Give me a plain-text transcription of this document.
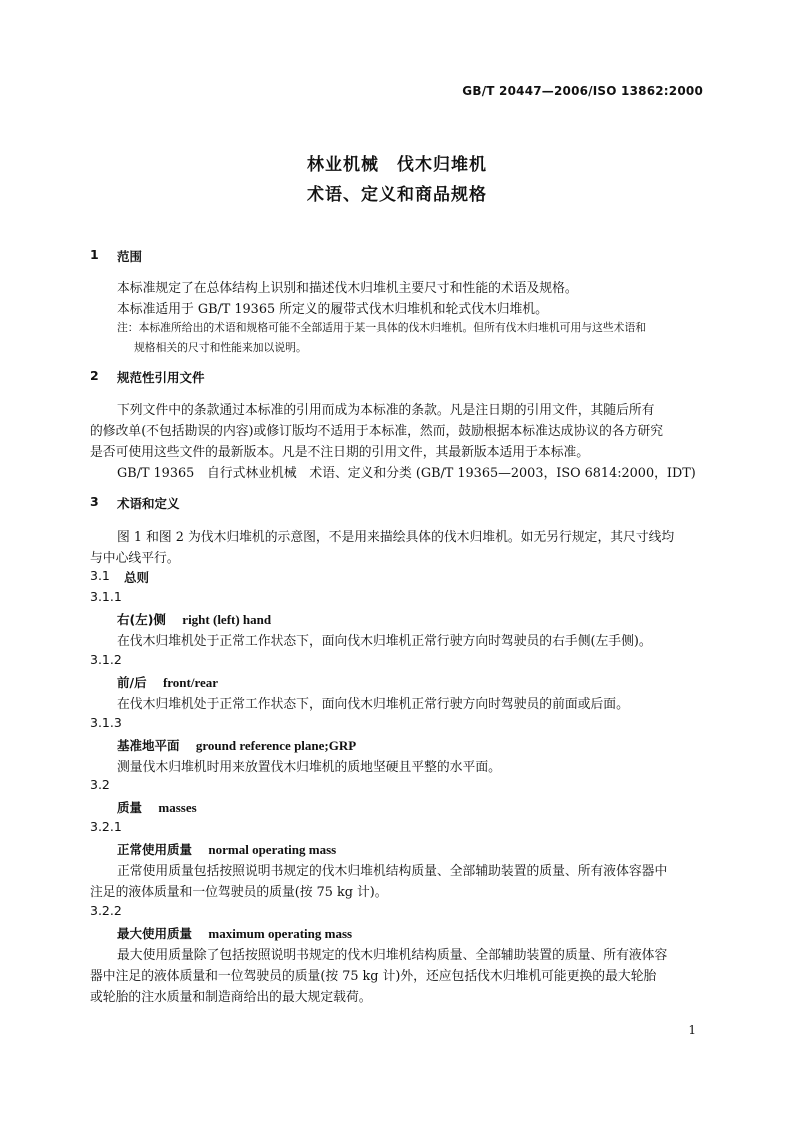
GB/T 20447—2006/ISO 13862:2000
林业机械　伐木归堆机
术语、定义和商品规格
1 范围
本标准规定了在总体结构上识别和描述伐木归堆机主要尺寸和性能的术语及规格。
本标准适用于 GB/T 19365 所定义的履带式伐木归堆机和轮式伐木归堆机。
注：本标准所给出的术语和规格可能不全部适用于某一具体的伐木归堆机。但所有伐木归堆机可用与这些术语和
规格相关的尺寸和性能来加以说明。
2 规范性引用文件
下列文件中的条款通过本标准的引用而成为本标准的条款。凡是注日期的引用文件，其随后所有
的修改单(不包括勘误的内容)或修订版均不适用于本标准，然而，鼓励根据本标准达成协议的各方研究
是否可使用这些文件的最新版本。凡是不注日期的引用文件，其最新版本适用于本标准。
GB/T 19365　自行式林业机械　术语、定义和分类 (GB/T 19365—2003，ISO 6814:2000，IDT)
3 术语和定义
图 1 和图 2 为伐木归堆机的示意图，不是用来描绘具体的伐木归堆机。如无另行规定，其尺寸线均
与中心线平行。
3.1 总则
3.1.1
右(左)侧 right (left) hand
在伐木归堆机处于正常工作状态下，面向伐木归堆机正常行驶方向时驾驶员的右手侧(左手侧)。
3.1.2
前/后 front/rear
在伐木归堆机处于正常工作状态下，面向伐木归堆机正常行驶方向时驾驶员的前面或后面。
3.1.3
基准地平面 ground reference plane;GRP
测量伐木归堆机时用来放置伐木归堆机的质地坚硬且平整的水平面。
3.2
质量 masses
3.2.1
正常使用质量 normal operating mass
正常使用质量包括按照说明书规定的伐木归堆机结构质量、全部辅助装置的质量、所有液体容器中
注足的液体质量和一位驾驶员的质量(按 75 kg 计)。
3.2.2
最大使用质量 maximum operating mass
最大使用质量除了包括按照说明书规定的伐木归堆机结构质量、全部辅助装置的质量、所有液体容
器中注足的液体质量和一位驾驶员的质量(按 75 kg 计)外，还应包括伐木归堆机可能更换的最大轮胎
或轮胎的注水质量和制造商给出的最大规定载荷。
1
